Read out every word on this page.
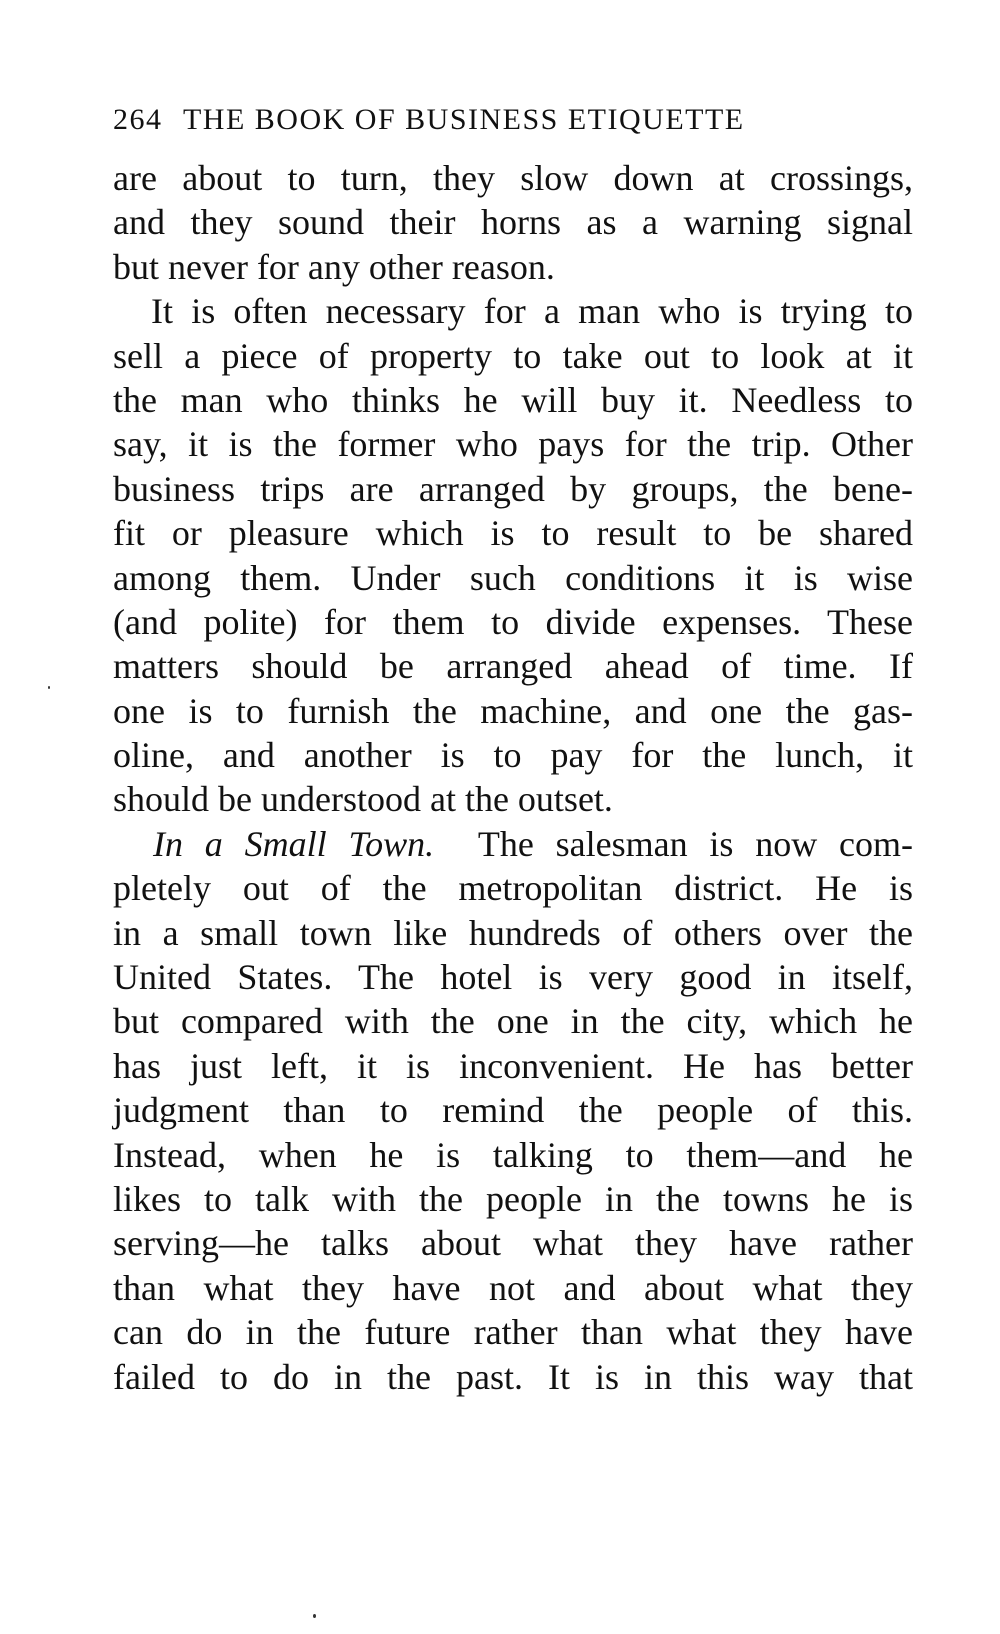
264 THE BOOK OF BUSINESS ETIQUETTE
are about to turn, they slow down at crossings,
and they sound their horns as a warning signal
but never for any other reason.
It is often necessary for a man who is trying to
sell a piece of property to take out to look at it
the man who thinks he will buy it. Needless to
say, it is the former who pays for the trip. Other
business trips are arranged by groups, the bene-
fit or pleasure which is to result to be shared
among them. Under such conditions it is wise
(and polite) for them to divide expenses. These
matters should be arranged ahead of time. If
one is to furnish the machine, and one the gas-
oline, and another is to pay for the lunch, it
should be understood at the outset.
In a Small Town. The salesman is now com-
pletely out of the metropolitan district. He is
in a small town like hundreds of others over the
United States. The hotel is very good in itself,
but compared with the one in the city, which he
has just left, it is inconvenient. He has better
judgment than to remind the people of this.
Instead, when he is talking to them—and he
likes to talk with the people in the towns he is
serving—he talks about what they have rather
than what they have not and about what they
can do in the future rather than what they have
failed to do in the past. It is in this way that
